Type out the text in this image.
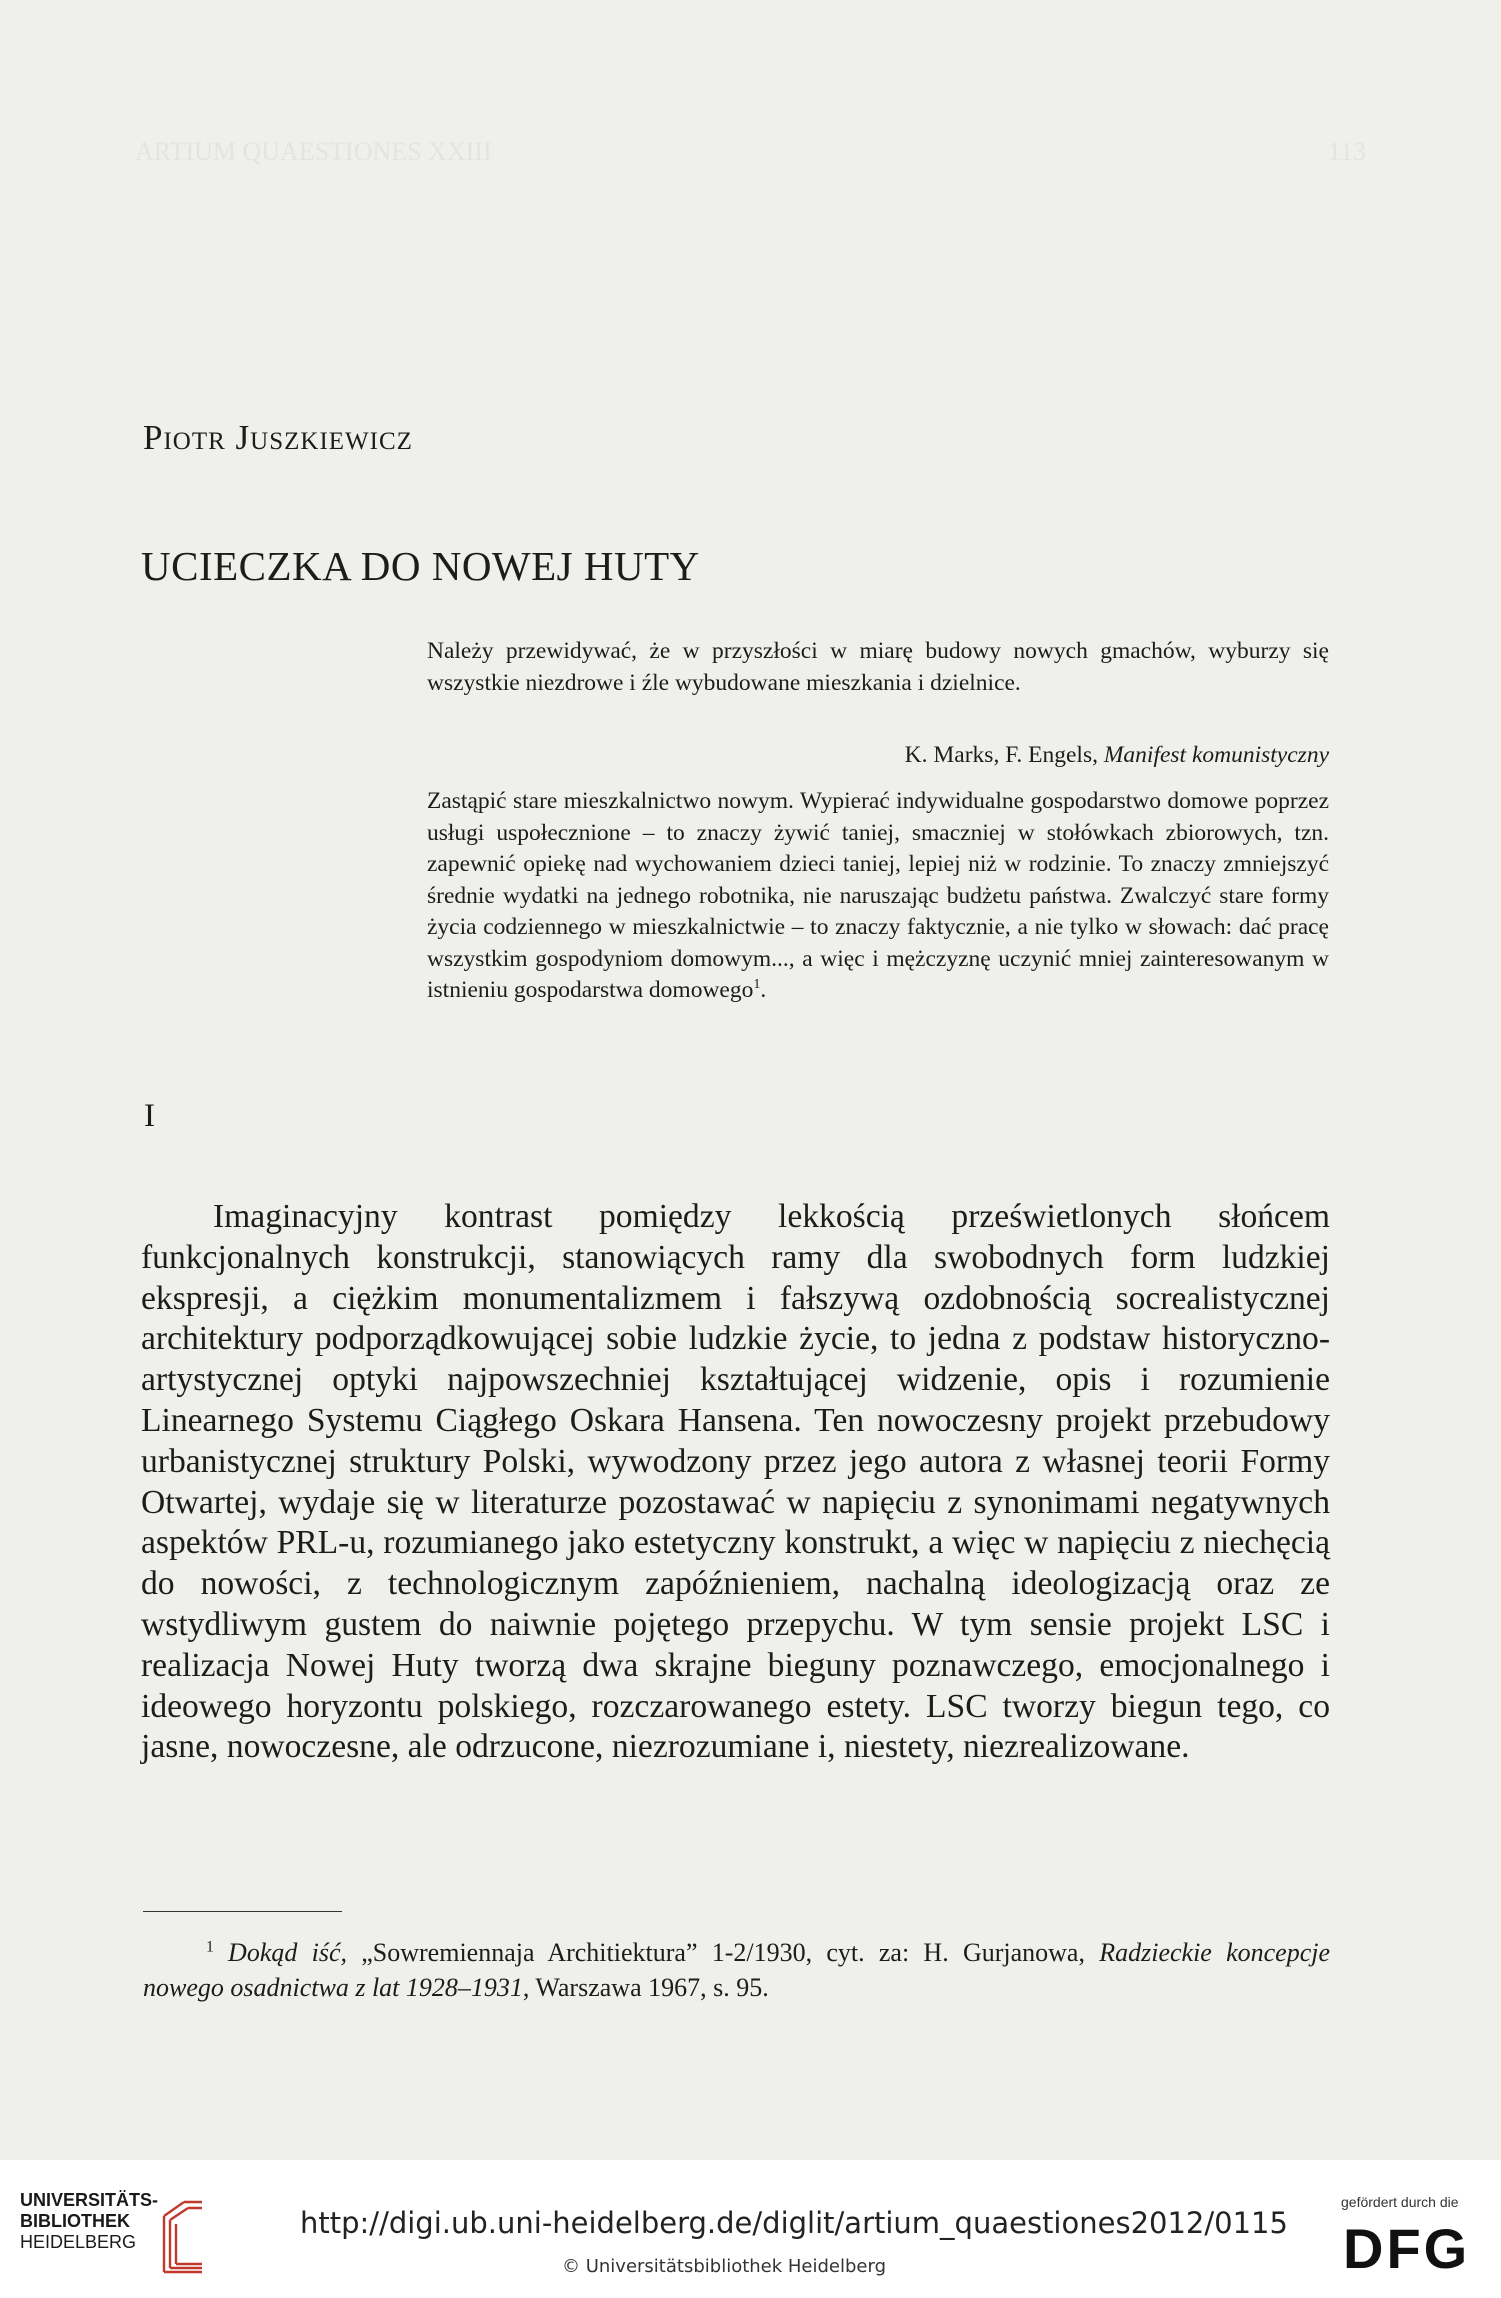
ARTIUM QUAESTIONES XXIII	113
Piotr Juszkiewicz
UCIECZKA DO NOWEJ HUTY
Należy przewidywać, że w przyszłości w miarę budowy nowych gmachów, wyburzy się wszystkie niezdrowe i źle wybudowane mieszkania i dzielnice.
K. Marks, F. Engels, Manifest komunistyczny
Zastąpić stare mieszkalnictwo nowym. Wypierać indywidualne gospodarstwo domowe poprzez usługi uspołecznione – to znaczy żywić taniej, smaczniej w stołówkach zbiorowych, tzn. zapewnić opiekę nad wychowaniem dzieci taniej, lepiej niż w rodzinie. To znaczy zmniejszyć średnie wydatki na jednego robotnika, nie naruszając budżetu państwa. Zwalczyć stare formy życia codziennego w mieszkalnictwie – to znaczy faktycznie, a nie tylko w słowach: dać pracę wszystkim gospodyniom domowym..., a więc i mężczyznę uczynić mniej zainteresowanym w istnieniu gospodarstwa domowego$^1$.
I

Imaginacyjny kontrast pomiędzy lekkością prześwietlonych słońcem funkcjonalnych konstrukcji, stanowiących ramy dla swobodnych form ludzkiej ekspresji, a ciężkim monumentalizmem i fałszywą ozdobnością socrealistycznej architektury podporządkowującej sobie ludzkie życie, to jedna z podstaw historyczno-artystycznej optyki najpowszechniej kształtującej widzenie, opis i rozumienie Linearnego Systemu Ciągłego Oskara Hansena. Ten nowoczesny projekt przebudowy urbanistycznej struktury Polski, wywodzony przez jego autora z własnej teorii Formy Otwartej, wydaje się w literaturze pozostawać w napięciu z synonimami negatywnych aspektów PRL-u, rozumianego jako estetyczny konstrukt, a więc w napięciu z niechęcią do nowości, z technologicznym zapóźnieniem, nachalną ideologizacją oraz ze wstydliwym gustem do naiwnie pojętego przepychu. W tym sensie projekt LSC i realizacja Nowej Huty tworzą dwa skrajne bieguny poznawczego, emocjonalnego i ideowego horyzontu polskiego, rozczarowanego estety. LSC tworzy biegun tego, co jasne, nowoczesne, ale odrzucone, niezrozumiane i, niestety, niezrealizowane.

$^1$ Dokąd iść, „Sowremiennaja Architiektura” 1-2/1930, cyt. za: H. Gurjanowa, Radzieckie koncepcje nowego osadnictwa z lat 1928–1931, Warszawa 1967, s. 95.
UNIVERSITÄTS-
BIBLIOTHEK
HEIDELBERG
http://digi.ub.uni-heidelberg.de/diglit/artium_quaestiones2012/0115
© Universitätsbibliothek Heidelberg
gefördert durch die
DFG
